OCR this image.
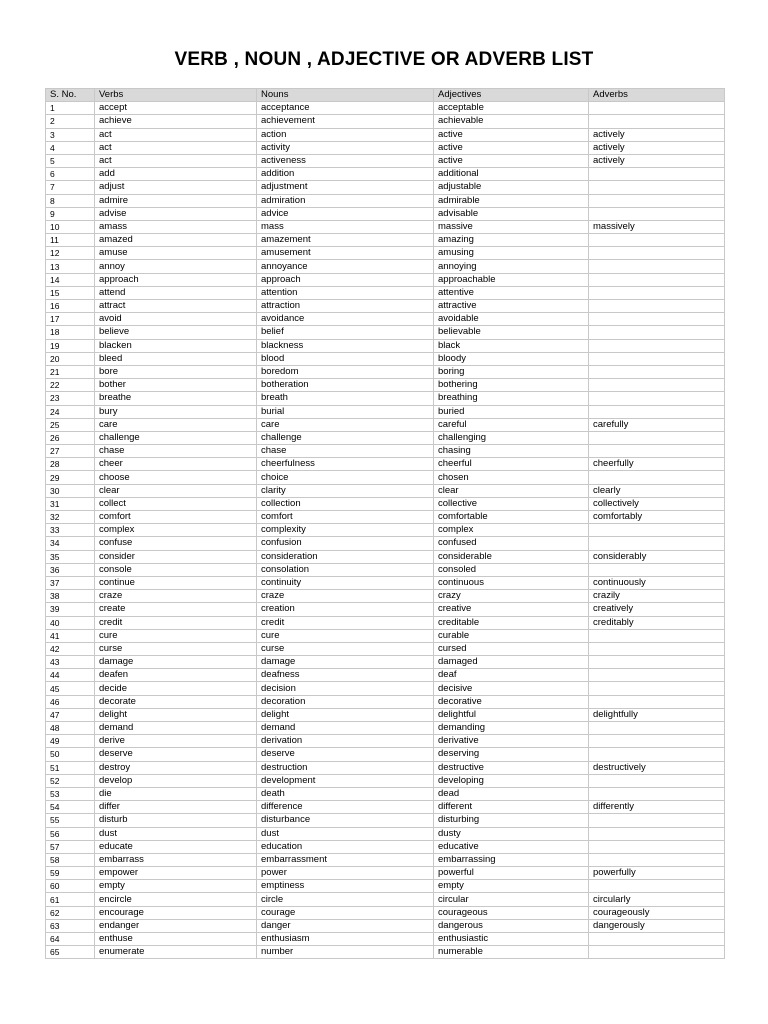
VERB , NOUN , ADJECTIVE OR ADVERB LIST
S. No.	Verbs	Nouns	Adjectives	Adverbs
1	accept	acceptance	acceptable	
2	achieve	achievement	achievable	
3	act	action	active	actively
4	act	activity	active	actively
5	act	activeness	active	actively
6	add	addition	additional	
7	adjust	adjustment	adjustable	
8	admire	admiration	admirable	
9	advise	advice	advisable	
10	amass	mass	massive	massively
11	amazed	amazement	amazing	
12	amuse	amusement	amusing	
13	annoy	annoyance	annoying	
14	approach	approach	approachable	
15	attend	attention	attentive	
16	attract	attraction	attractive	
17	avoid	avoidance	avoidable	
18	believe	belief	believable	
19	blacken	blackness	black	
20	bleed	blood	bloody	
21	bore	boredom	boring	
22	bother	botheration	bothering	
23	breathe	breath	breathing	
24	bury	burial	buried	
25	care	care	careful	carefully
26	challenge	challenge	challenging	
27	chase	chase	chasing	
28	cheer	cheerfulness	cheerful	cheerfully
29	choose	choice	chosen	
30	clear	clarity	clear	clearly
31	collect	collection	collective	collectively
32	comfort	comfort	comfortable	comfortably
33	complex	complexity	complex	
34	confuse	confusion	confused	
35	consider	consideration	considerable	considerably
36	console	consolation	consoled	
37	continue	continuity	continuous	continuously
38	craze	craze	crazy	crazily
39	create	creation	creative	creatively
40	credit	credit	creditable	creditably
41	cure	cure	curable	
42	curse	curse	cursed	
43	damage	damage	damaged	
44	deafen	deafness	deaf	
45	decide	decision	decisive	
46	decorate	decoration	decorative	
47	delight	delight	delightful	delightfully
48	demand	demand	demanding	
49	derive	derivation	derivative	
50	deserve	deserve	deserving	
51	destroy	destruction	destructive	destructively
52	develop	development	developing	
53	die	death	dead	
54	differ	difference	different	differently
55	disturb	disturbance	disturbing	
56	dust	dust	dusty	
57	educate	education	educative	
58	embarrass	embarrassment	embarrassing	
59	empower	power	powerful	powerfully
60	empty	emptiness	empty	
61	encircle	circle	circular	circularly
62	encourage	courage	courageous	courageously
63	endanger	danger	dangerous	dangerously
64	enthuse	enthusiasm	enthusiastic	
65	enumerate	number	numerable	
